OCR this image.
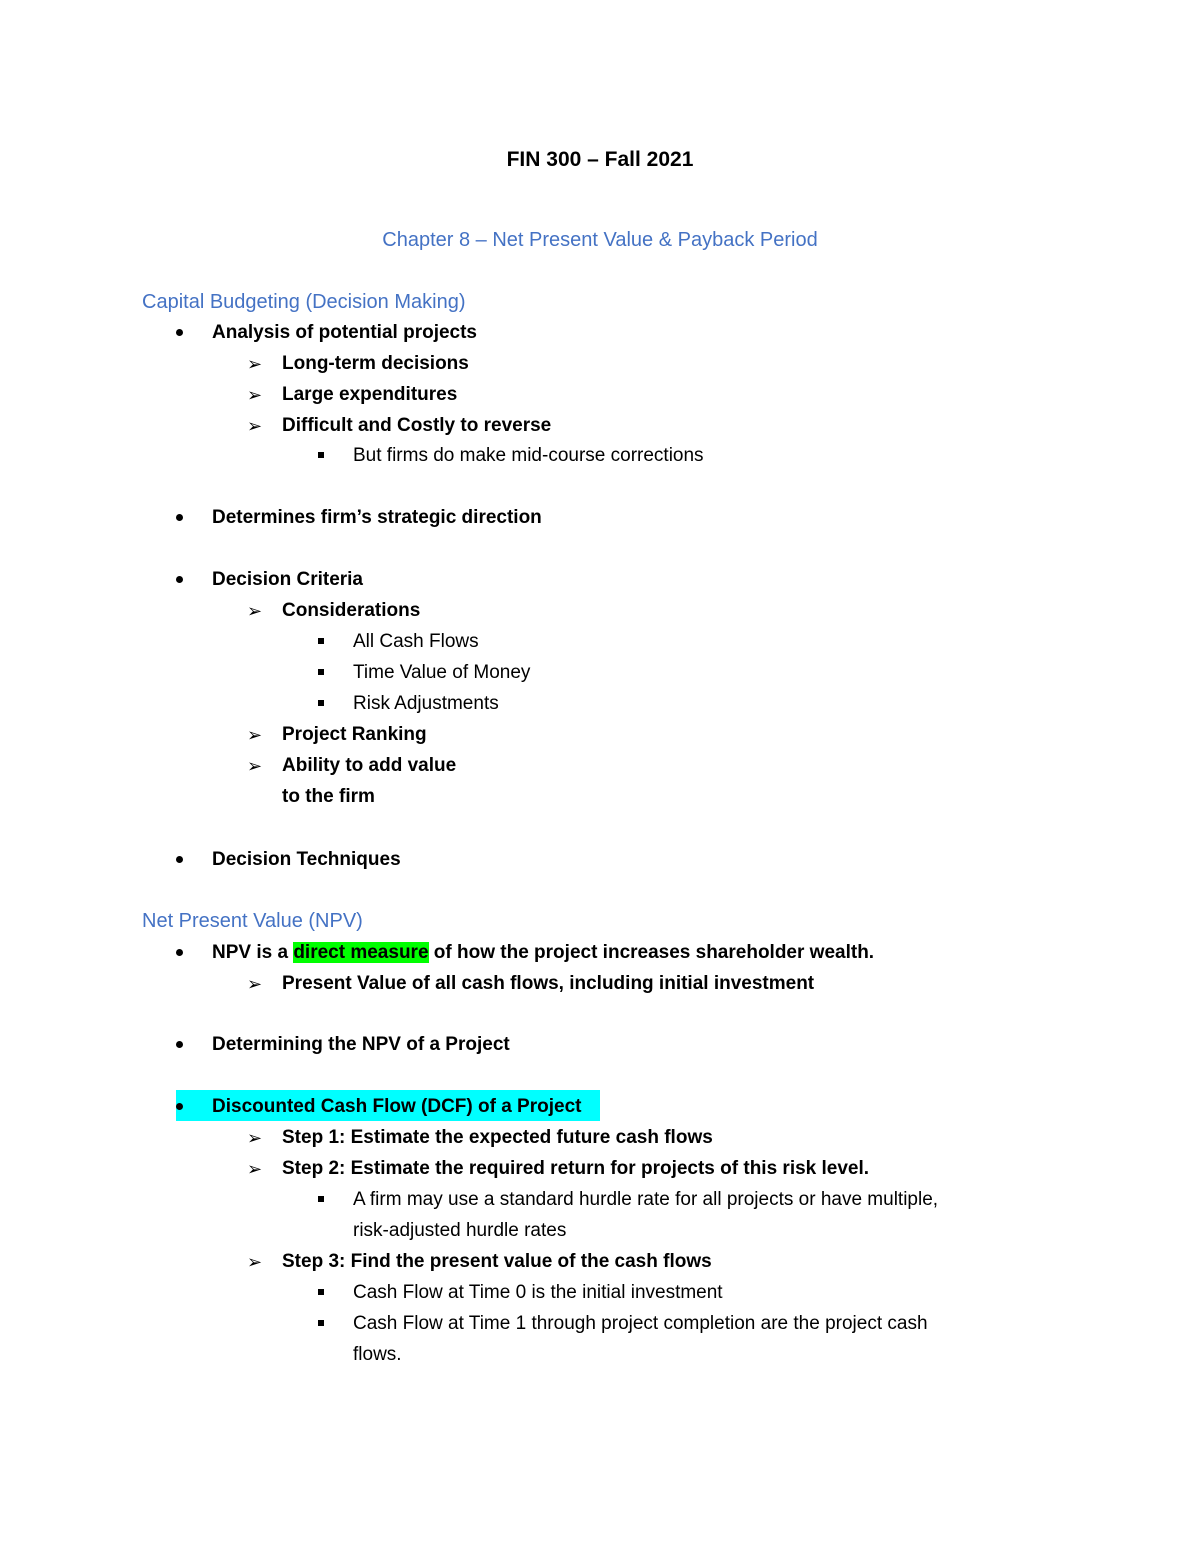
FIN 300 – Fall 2021
Chapter 8 – Net Present Value & Payback Period
Capital Budgeting (Decision Making)
Analysis of potential projects
➢ Long-term decisions
➢ Large expenditures
➢ Difficult and Costly to reverse
But firms do make mid-course corrections
Determines firm’s strategic direction
Decision Criteria
➢ Considerations
All Cash Flows
Time Value of Money
Risk Adjustments
➢ Project Ranking
➢ Ability to add value
to the firm
Decision Techniques
Net Present Value (NPV)
NPV is a direct measure of how the project increases shareholder wealth.
➢ Present Value of all cash flows, including initial investment
Determining the NPV of a Project
Discounted Cash Flow (DCF) of a Project
➢ Step 1: Estimate the expected future cash flows
➢ Step 2: Estimate the required return for projects of this risk level.
A firm may use a standard hurdle rate for all projects or have multiple,
risk-adjusted hurdle rates
➢ Step 3: Find the present value of the cash flows
Cash Flow at Time 0 is the initial investment
Cash Flow at Time 1 through project completion are the project cash
flows.
